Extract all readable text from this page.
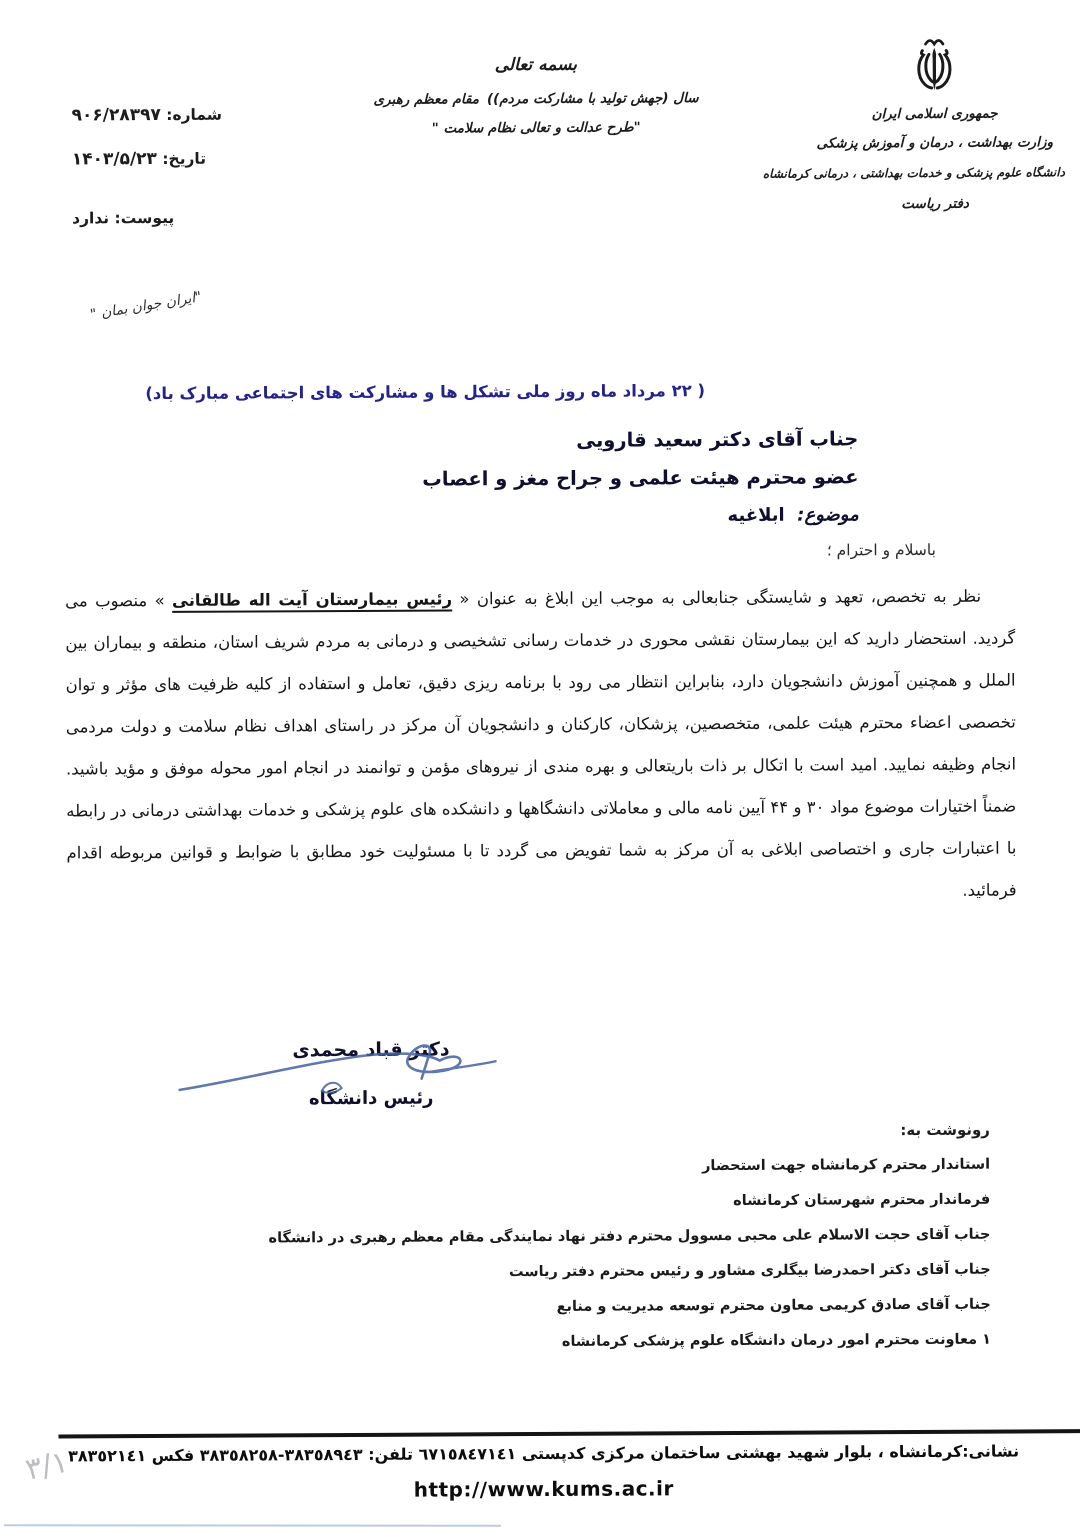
جمهوری اسلامی ایران
وزارت بهداشت ، درمان و آموزش پزشکی
دانشگاه علوم پزشکی و خدمات بهداشتی ، درمانی کرمانشاه
دفتر ریاست
بسمه تعالی
سال (جهش تولید با مشارکت مردم))
مقام معظم رهبری
"طرح عدالت و تعالی نظام سلامت "
شماره: ۹۰۶/۲۸۳۹۷
تاریخ: ۱۴۰۳/۵/۲۳
پیوست: ندارد
"ایران جوان بمان "
( ۲۲ مرداد ماه روز ملی تشکل ها و مشارکت های اجتماعی مبارک باد)
جناب آقای دکتر سعید قارویی
عضو محترم هیئت علمی و جراح مغز و اعصاب
موضوع:  ابلاغیه
باسلام و احترام ؛
نظر به تخصص، تعهد و شایستگی جنابعالی به موجب این ابلاغ به عنوان « رئیس بیمارستان آیت اله طالقانی » منصوب می
گردید. استحضار دارید که این بیمارستان نقشی محوری در خدمات رسانی تشخیصی و درمانی به مردم شریف استان، منطقه و بیماران بین
الملل و همچنین آموزش دانشجویان دارد، بنابراین انتظار می رود با برنامه ریزی دقیق، تعامل و استفاده از کلیه ظرفیت های مؤثر و توان
تخصصی اعضاء محترم هیئت علمی، متخصصین، پزشکان، کارکنان و دانشجویان آن مرکز در راستای اهداف نظام سلامت و دولت مردمی
انجام وظیفه نمایید. امید است با اتکال بر ذات باریتعالی و بهره مندی از نیروهای مؤمن و توانمند در انجام امور محوله موفق و مؤید باشید.
ضمناً اختیارات موضوع مواد ۳۰ و ۴۴ آیین نامه مالی و معاملاتی دانشگاهها و دانشکده های علوم پزشکی و خدمات بهداشتی درمانی در رابطه
با اعتبارات جاری و اختصاصی ابلاغی به آن مرکز به شما تفویض می گردد تا با مسئولیت خود مطابق با ضوابط و قوانین مربوطه اقدام
فرمائید.
دکتر قباد محمدی
رئیس دانشگاه
رونوشت به:
استاندار محترم کرمانشاه جهت استحضار
فرماندار محترم شهرستان کرمانشاه
جناب آقای حجت الاسلام علی محبی مسوول محترم دفتر نهاد نمایندگی مقام معظم رهبری در دانشگاه
جناب آقای دکتر احمدرضا بیگلری مشاور و رئیس محترم دفتر ریاست
جناب آقای صادق کریمی معاون محترم توسعه مدیریت و منابع
۱ معاونت محترم امور درمان دانشگاه علوم پزشکی کرمانشاه
نشانی:کرمانشاه ، بلوار شهید بهشتی ساختمان مرکزی کدپستی ٦٧١٥٨٤٧١٤١ تلفن: ٣٨٣٥٨٩٤٣-٣٨٣٥٨٢٥٨ فکس ٣٨٣٥٢١٤١
http://www.kums.ac.ir
۳/۱
